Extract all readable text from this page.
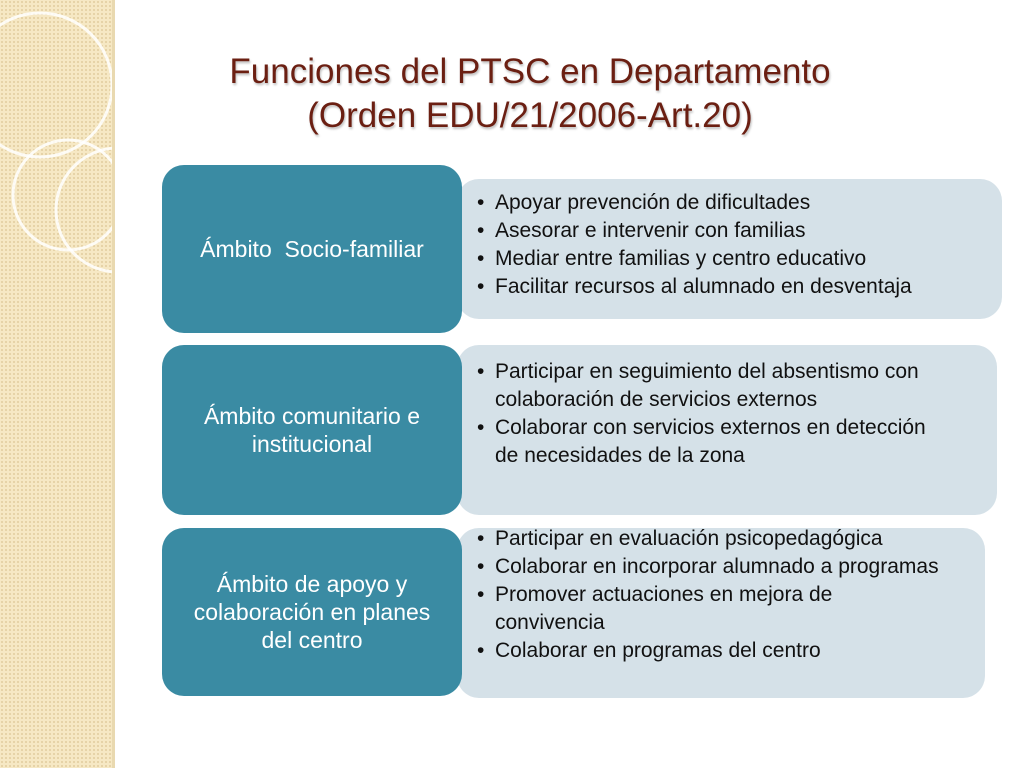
Funciones del PTSC en Departamento
(Orden EDU/21/2006-Art.20)
• Apoyar prevención de dificultades
• Asesorar e intervenir con familias
• Mediar entre familias y centro educativo
• Facilitar recursos al alumnado en desventaja
Ámbito  Socio-familiar
• Participar en seguimiento del absentismo con colaboración de servicios externos
• Colaborar con servicios externos en detección de necesidades de la zona
Ámbito comunitario e institucional
• Participar en evaluación psicopedagógica
• Colaborar en incorporar alumnado a programas
• Promover actuaciones en mejora de convivencia
• Colaborar en programas del centro
Ámbito de apoyo y colaboración en planes del centro
